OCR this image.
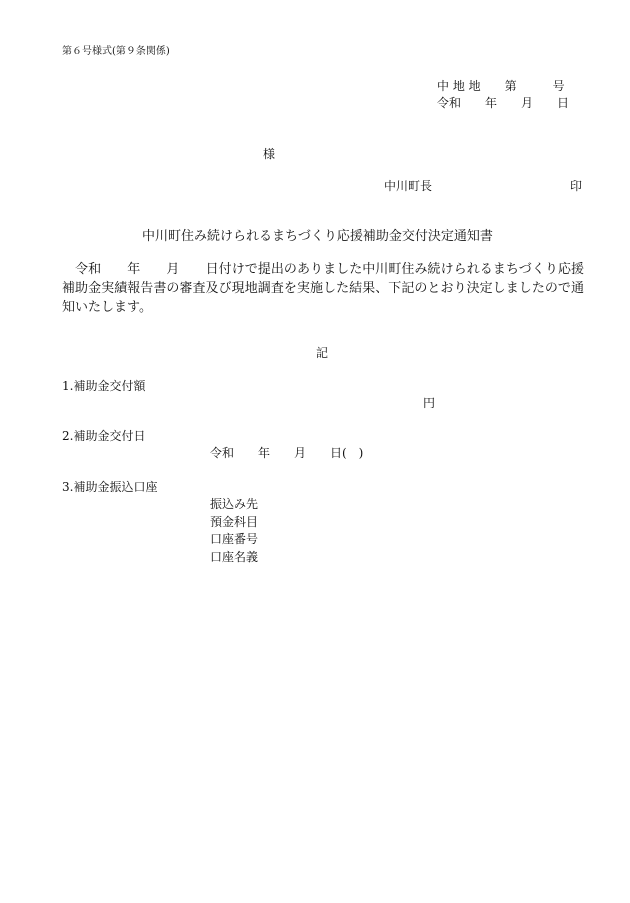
第６号様式(第９条関係)
中 地 地　　第　　　号
令和　　年　　月　　日
様
中川町長	印
中川町住み続けられるまちづくり応援補助金交付決定通知書
　令和　　年　　月　　日付けで提出のありました中川町住み続けられるまちづくり応援補助金実績報告書の審査及び現地調査を実施した結果、下記のとおり決定しましたので通知いたします。
記
1.補助金交付額
円
2.補助金交付日
令和　　年　　月　　日(　)
3.補助金振込口座
振込み先
預金科目
口座番号
口座名義
